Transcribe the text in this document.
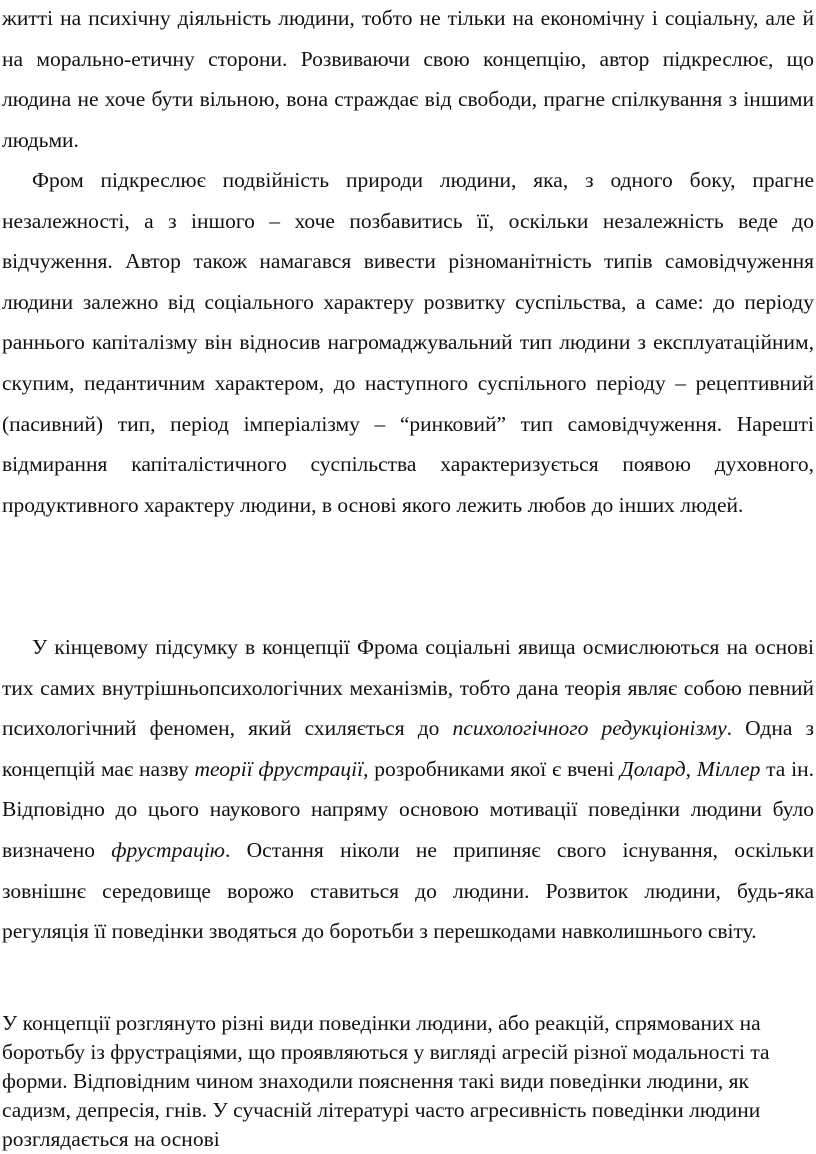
житті на психічну діяльність людини, тобто не тільки на економічну і соціальну, але й на морально-етичну сторони. Розвиваючи свою концепцію, автор підкреслює, що людина не хоче бути вільною, вона страждає від свободи, прагне спілкування з іншими людьми.

Фром підкреслює подвійність природи людини, яка, з одного боку, прагне незалежності, а з іншого – хоче позбавитись її, оскільки незалежність веде до відчуження. Автор також намагався вивести різноманітність типів самовідчуження людини залежно від соціального характеру розвитку суспільства, а саме: до періоду раннього капіталізму він відносив нагромаджувальний тип людини з експлуатаційним, скупим, педантичним характером, до наступного суспільного періоду – рецептивний (пасивний) тип, період імперіалізму – “ринковий” тип самовідчуження. Нарешті відмирання капіталістичного суспільства характеризується появою духовного, продуктивного характеру людини, в основі якого лежить любов до інших людей.

У кінцевому підсумку в концепції Фрома соціальні явища осмислюються на основі тих самих внутрішньопсихологічних механізмів, тобто дана теорія являє собою певний психологічний феномен, який схиляється до психологічного редукціонізму. Одна з концепцій має назву теорії фрустрації, розробниками якої є вчені Долард, Міллер та ін. Відповідно до цього наукового напряму основою мотивації поведінки людини було визначено фрустрацію. Остання ніколи не припиняє свого існування, оскільки зовнішнє середовище ворожо ставиться до людини. Розвиток людини, будь-яка регуляція її поведінки зводяться до боротьби з перешкодами навколишнього світу.

У концепції розглянуто різні види поведінки людини, або реакцій, спрямованих на боротьбу із фрустраціями, що проявляються у вигляді агресій різної модальності та форми. Відповідним чином знаходили пояснення такі види поведінки людини, як садизм, депресія, гнів. У сучасній літературі часто агресивність поведінки людини розглядається на основі
